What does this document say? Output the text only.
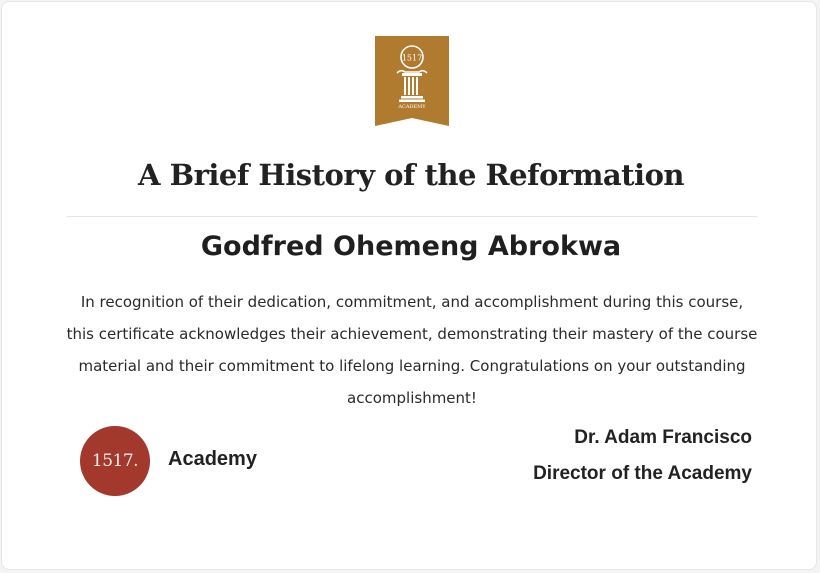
1517
ACADEMY
A Brief History of the Reformation
Godfred Ohemeng Abrokwa

In recognition of their dedication, commitment, and accomplishment during this course, this certificate acknowledges their achievement, demonstrating their mastery of the course material and their commitment to lifelong learning. Congratulations on your outstanding accomplishment!

1517.	Academy
Dr. Adam Francisco
Director of the Academy
